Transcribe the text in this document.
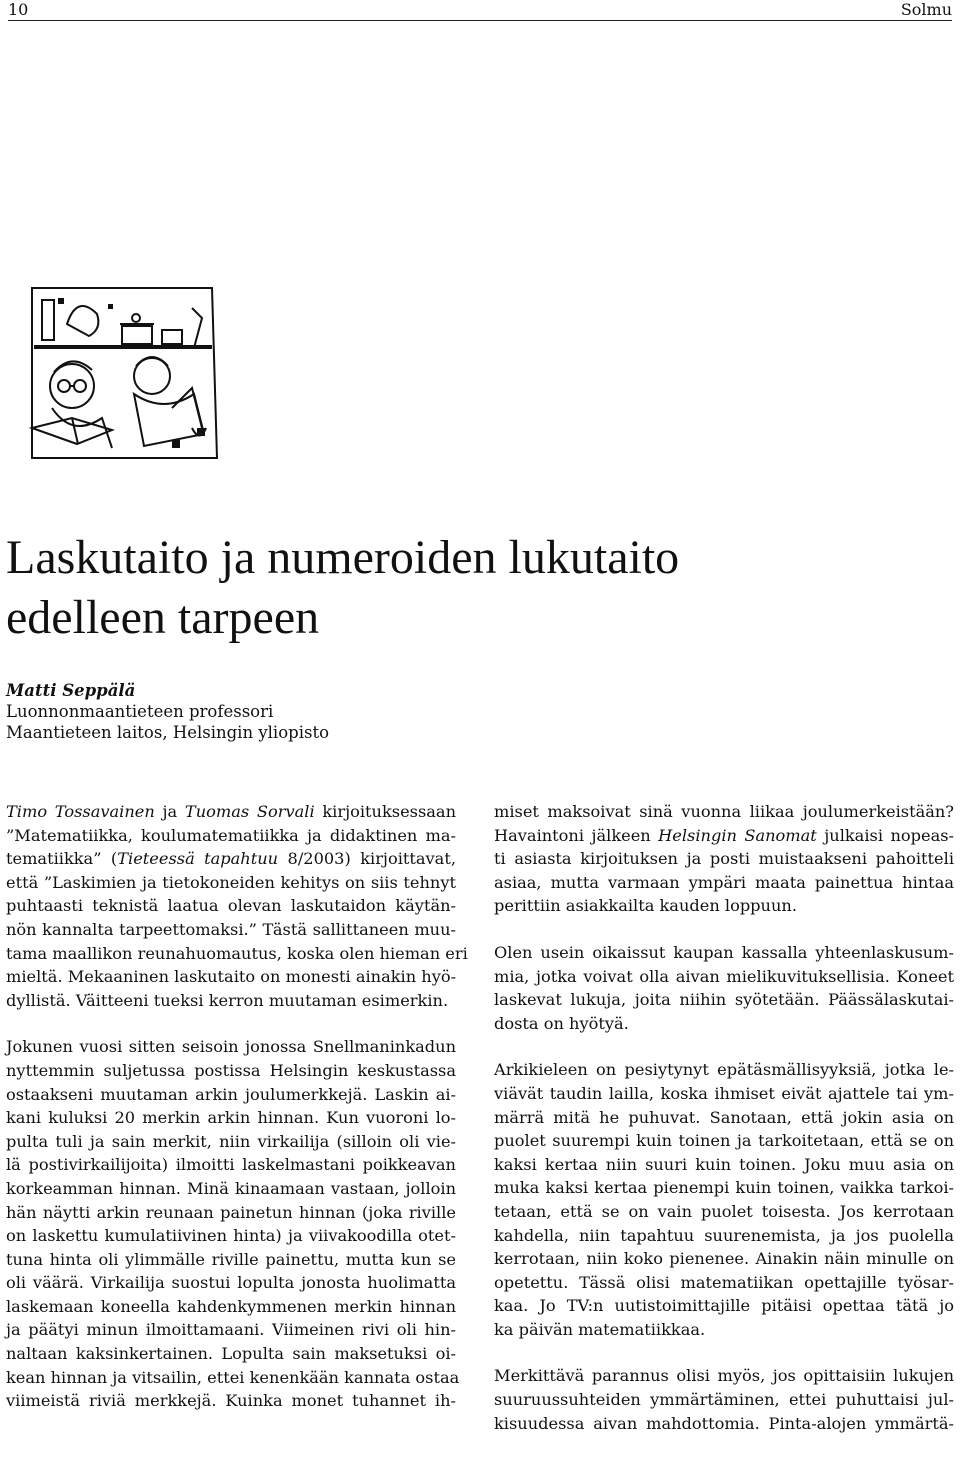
10	Solmu
Laskutaito ja numeroiden lukutaito
edelleen tarpeen
Matti Seppälä
Luonnonmaantieteen professori
Maantieteen laitos, Helsingin yliopisto
Timo Tossavainen ja Tuomas Sorvali kirjoituksessaan
”Matematiikka, koulumatematiikka ja didaktinen ma-
tematiikka” (Tieteessä tapahtuu 8/2003) kirjoittavat,
että ”Laskimien ja tietokoneiden kehitys on siis tehnyt
puhtaasti teknistä laatua olevan laskutaidon käytän-
nön kannalta tarpeettomaksi.” Tästä sallittaneen muu-
tama maallikon reunahuomautus, koska olen hieman eri
mieltä. Mekaaninen laskutaito on monesti ainakin hyö-
dyllistä. Väitteeni tueksi kerron muutaman esimerkin.
Jokunen vuosi sitten seisoin jonossa Snellmaninkadun
nyttemmin suljetussa postissa Helsingin keskustassa
ostaakseni muutaman arkin joulumerkkejä. Laskin ai-
kani kuluksi 20 merkin arkin hinnan. Kun vuoroni lo-
pulta tuli ja sain merkit, niin virkailija (silloin oli vie-
lä postivirkailijoita) ilmoitti laskelmastani poikkeavan
korkeamman hinnan. Minä kinaamaan vastaan, jolloin
hän näytti arkin reunaan painetun hinnan (joka riville
on laskettu kumulatiivinen hinta) ja viivakoodilla otet-
tuna hinta oli ylimmälle riville painettu, mutta kun se
oli väärä. Virkailija suostui lopulta jonosta huolimatta
laskemaan koneella kahdenkymmenen merkin hinnan
ja päätyi minun ilmoittamaani. Viimeinen rivi oli hin-
naltaan kaksinkertainen. Lopulta sain maksetuksi oi-
kean hinnan ja vitsailin, ettei kenenkään kannata ostaa
viimeistä riviä merkkejä. Kuinka monet tuhannet ih-
miset maksoivat sinä vuonna liikaa joulumerkeistään?
Havaintoni jälkeen Helsingin Sanomat julkaisi nopeas-
ti asiasta kirjoituksen ja posti muistaakseni pahoitteli
asiaa, mutta varmaan ympäri maata painettua hintaa
perittiin asiakkailta kauden loppuun.
Olen usein oikaissut kaupan kassalla yhteenlaskusum-
mia, jotka voivat olla aivan mielikuvituksellisia. Koneet
laskevat lukuja, joita niihin syötetään. Päässälaskutai-
dosta on hyötyä.
Arkikieleen on pesiytynyt epätäsmällisyyksiä, jotka le-
viävät taudin lailla, koska ihmiset eivät ajattele tai ym-
märrä mitä he puhuvat. Sanotaan, että jokin asia on
puolet suurempi kuin toinen ja tarkoitetaan, että se on
kaksi kertaa niin suuri kuin toinen. Joku muu asia on
muka kaksi kertaa pienempi kuin toinen, vaikka tarkoi-
tetaan, että se on vain puolet toisesta. Jos kerrotaan
kahdella, niin tapahtuu suurenemista, ja jos puolella
kerrotaan, niin koko pienenee. Ainakin näin minulle on
opetettu. Tässä olisi matematiikan opettajille työsar-
kaa. Jo TV:n uutistoimittajille pitäisi opettaa tätä jo
ka päivän matematiikkaa.
Merkittävä parannus olisi myös, jos opittaisiin lukujen
suuruussuhteiden ymmärtäminen, ettei puhuttaisi jul-
kisuudessa aivan mahdottomia. Pinta-alojen ymmärtä-
